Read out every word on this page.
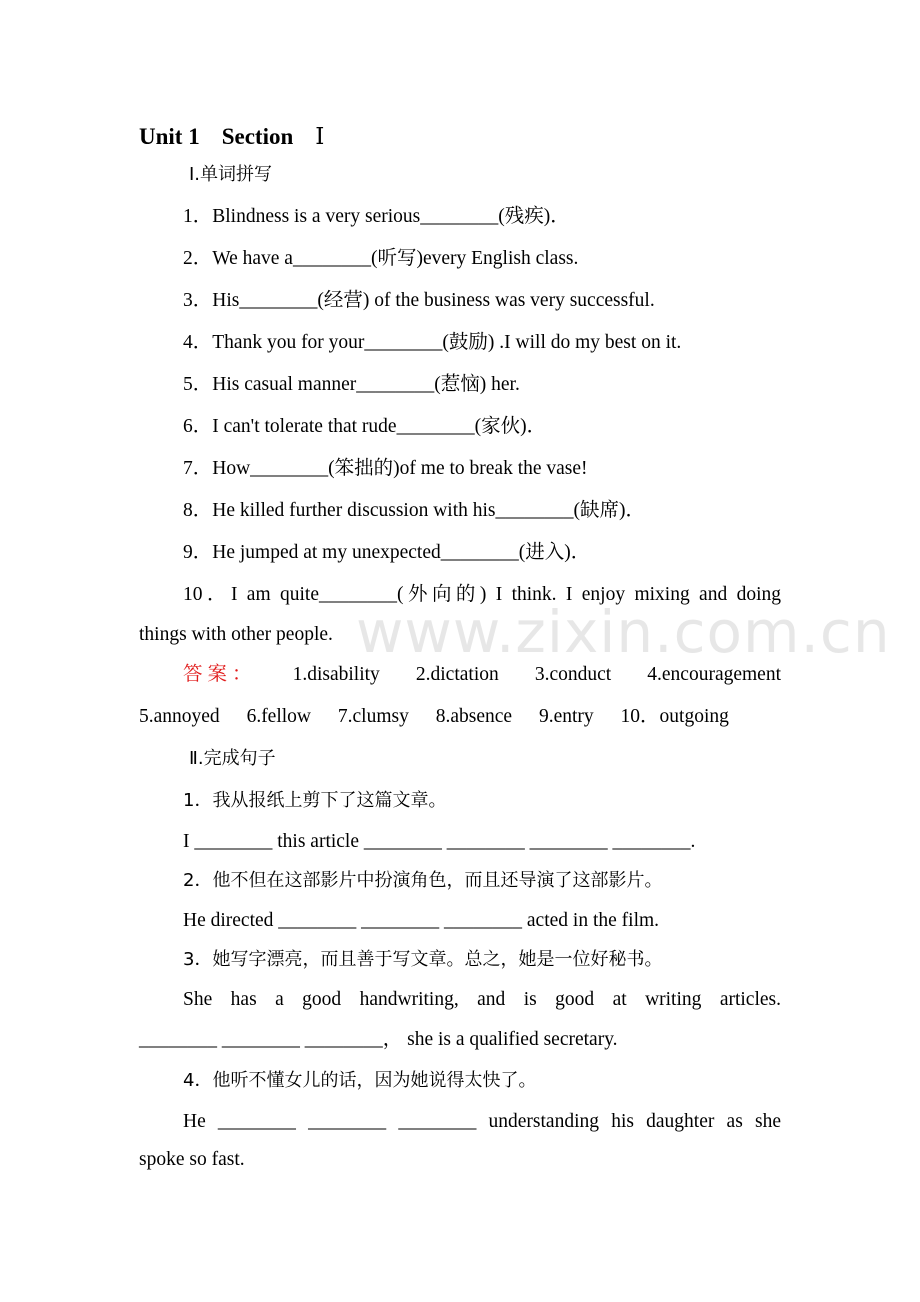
www.zixin.com.cn
Unit 1 Section Ⅰ
Ⅰ.单词拼写
1．Blindness is a very serious________(残疾)．
2．We have a________(听写)every English class.
3．His________(经营) of the business was very successful.
4．Thank you for your________(鼓励) .I will do my best on it.
5．His casual manner________(惹恼) her.
6．I can't tolerate that rude________(家伙)．
7．How________(笨拙的)of me to break the vase!
8．He killed further discussion with his________(缺席)．
9．He jumped at my unexpected________(进入)．
10．I am quite________(外向的) I think. I enjoy mixing and doing
things with other people.
答案： 1.disability 2.dictation 3.conduct 4.encouragement
5.annoyed 6.fellow 7.clumsy 8.absence 9.entry 10．outgoing
Ⅱ.完成句子
1．我从报纸上剪下了这篇文章。
I ________ this article ________ ________ ________ ________.
2．他不但在这部影片中扮演角色，而且还导演了这部影片。
He directed ________ ________ ________ acted in the film.
3．她写字漂亮，而且善于写文章。总之，她是一位好秘书。
She has a good handwriting, and is good at writing articles.
________ ________ ________， she is a qualified secretary.
4．他听不懂女儿的话，因为她说得太快了。
He ________ ________ ________ understanding his daughter as she
spoke so fast.
